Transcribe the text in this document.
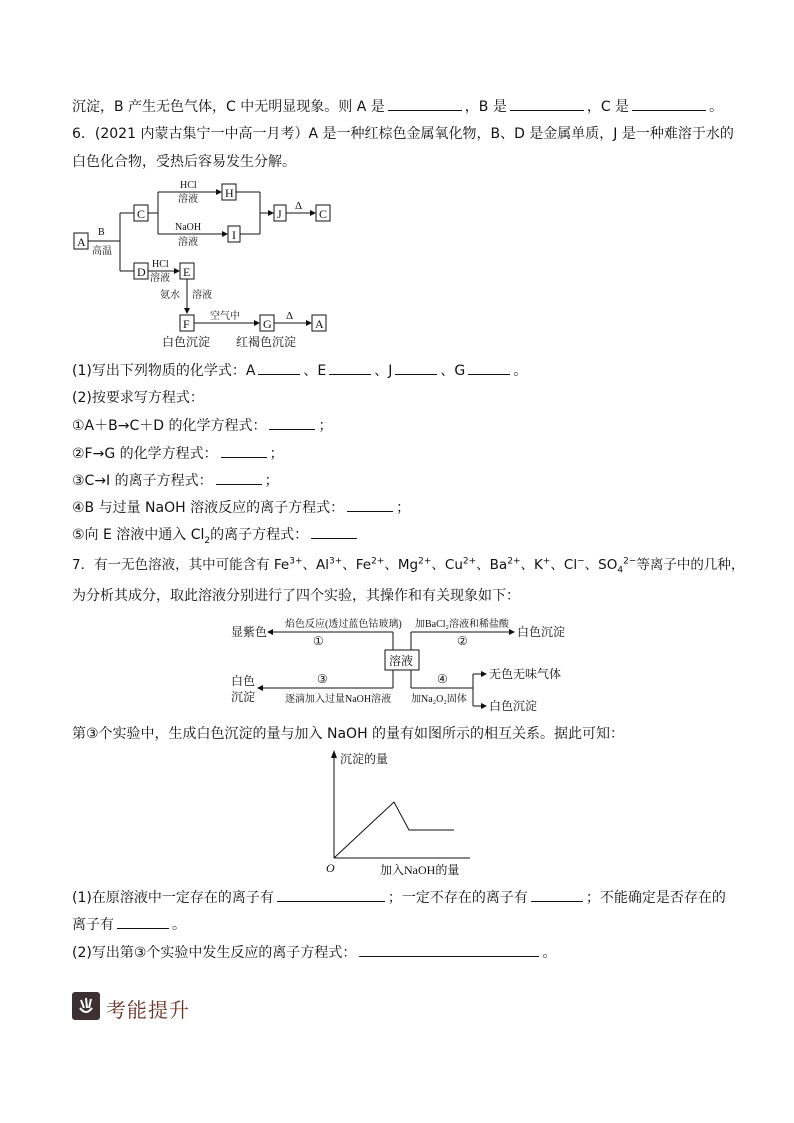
沉淀，B 产生无色气体，C 中无明显现象。则 A 是	，B 是	，C 是	。
6．(2021 内蒙古集宁一中高一月考）A 是一种红棕色金属氧化物，B、D 是金属单质，J 是一种难溶于水的
白色化合物，受热后容易发生分解。
A
B
高温
C
HCl
溶液
NaOH
溶液
H
I
J
Δ
C
D
HCl
溶液 E
氨水 溶液
F
空气中
G
Δ
A
白色沉淀 红褐色沉淀
(1)写出下列物质的化学式：A	、E	、J	、G	。
(2)按要求写方程式：
①A＋B→C＋D 的化学方程式：	；
②F→G 的化学方程式：	；
③C→I 的离子方程式：	；
④B 与过量 NaOH 溶液反应的离子方程式：	；
⑤向 E 溶液中通入 $Cl_2$的离子方程式：
7．有一无色溶液，其中可能含有 $Fe^{3+}$、$Al^{3+}$、$Fe^{2+}$、$Mg^{2+}$、$Cu^{2+}$、$Ba^{2+}$、K+、Cl−、$SO_4^{2-}$等离子中的几种，
为分析其成分，取此溶液分别进行了四个实验，其操作和有关现象如下：
溶液
焰色反应(透过蓝色钴玻璃)
①
显紫色
加BaCl₂溶液和稀盐酸
②
白色沉淀
③
逐滴加入过量NaOH溶液
白色
沉淀
④
加Na₂O₂固体
无色无味气体
白色沉淀
第③个实验中，生成白色沉淀的量与加入 NaOH 的量有如图所示的相互关系。据此可知：
沉淀的量
加入NaOH的量
O
(1)在原溶液中一定存在的离子有	；一定不存在的离子有	；不能确定是否存在的
离子有	。
(2)写出第③个实验中发生反应的离子方程式：	。
考能提升
